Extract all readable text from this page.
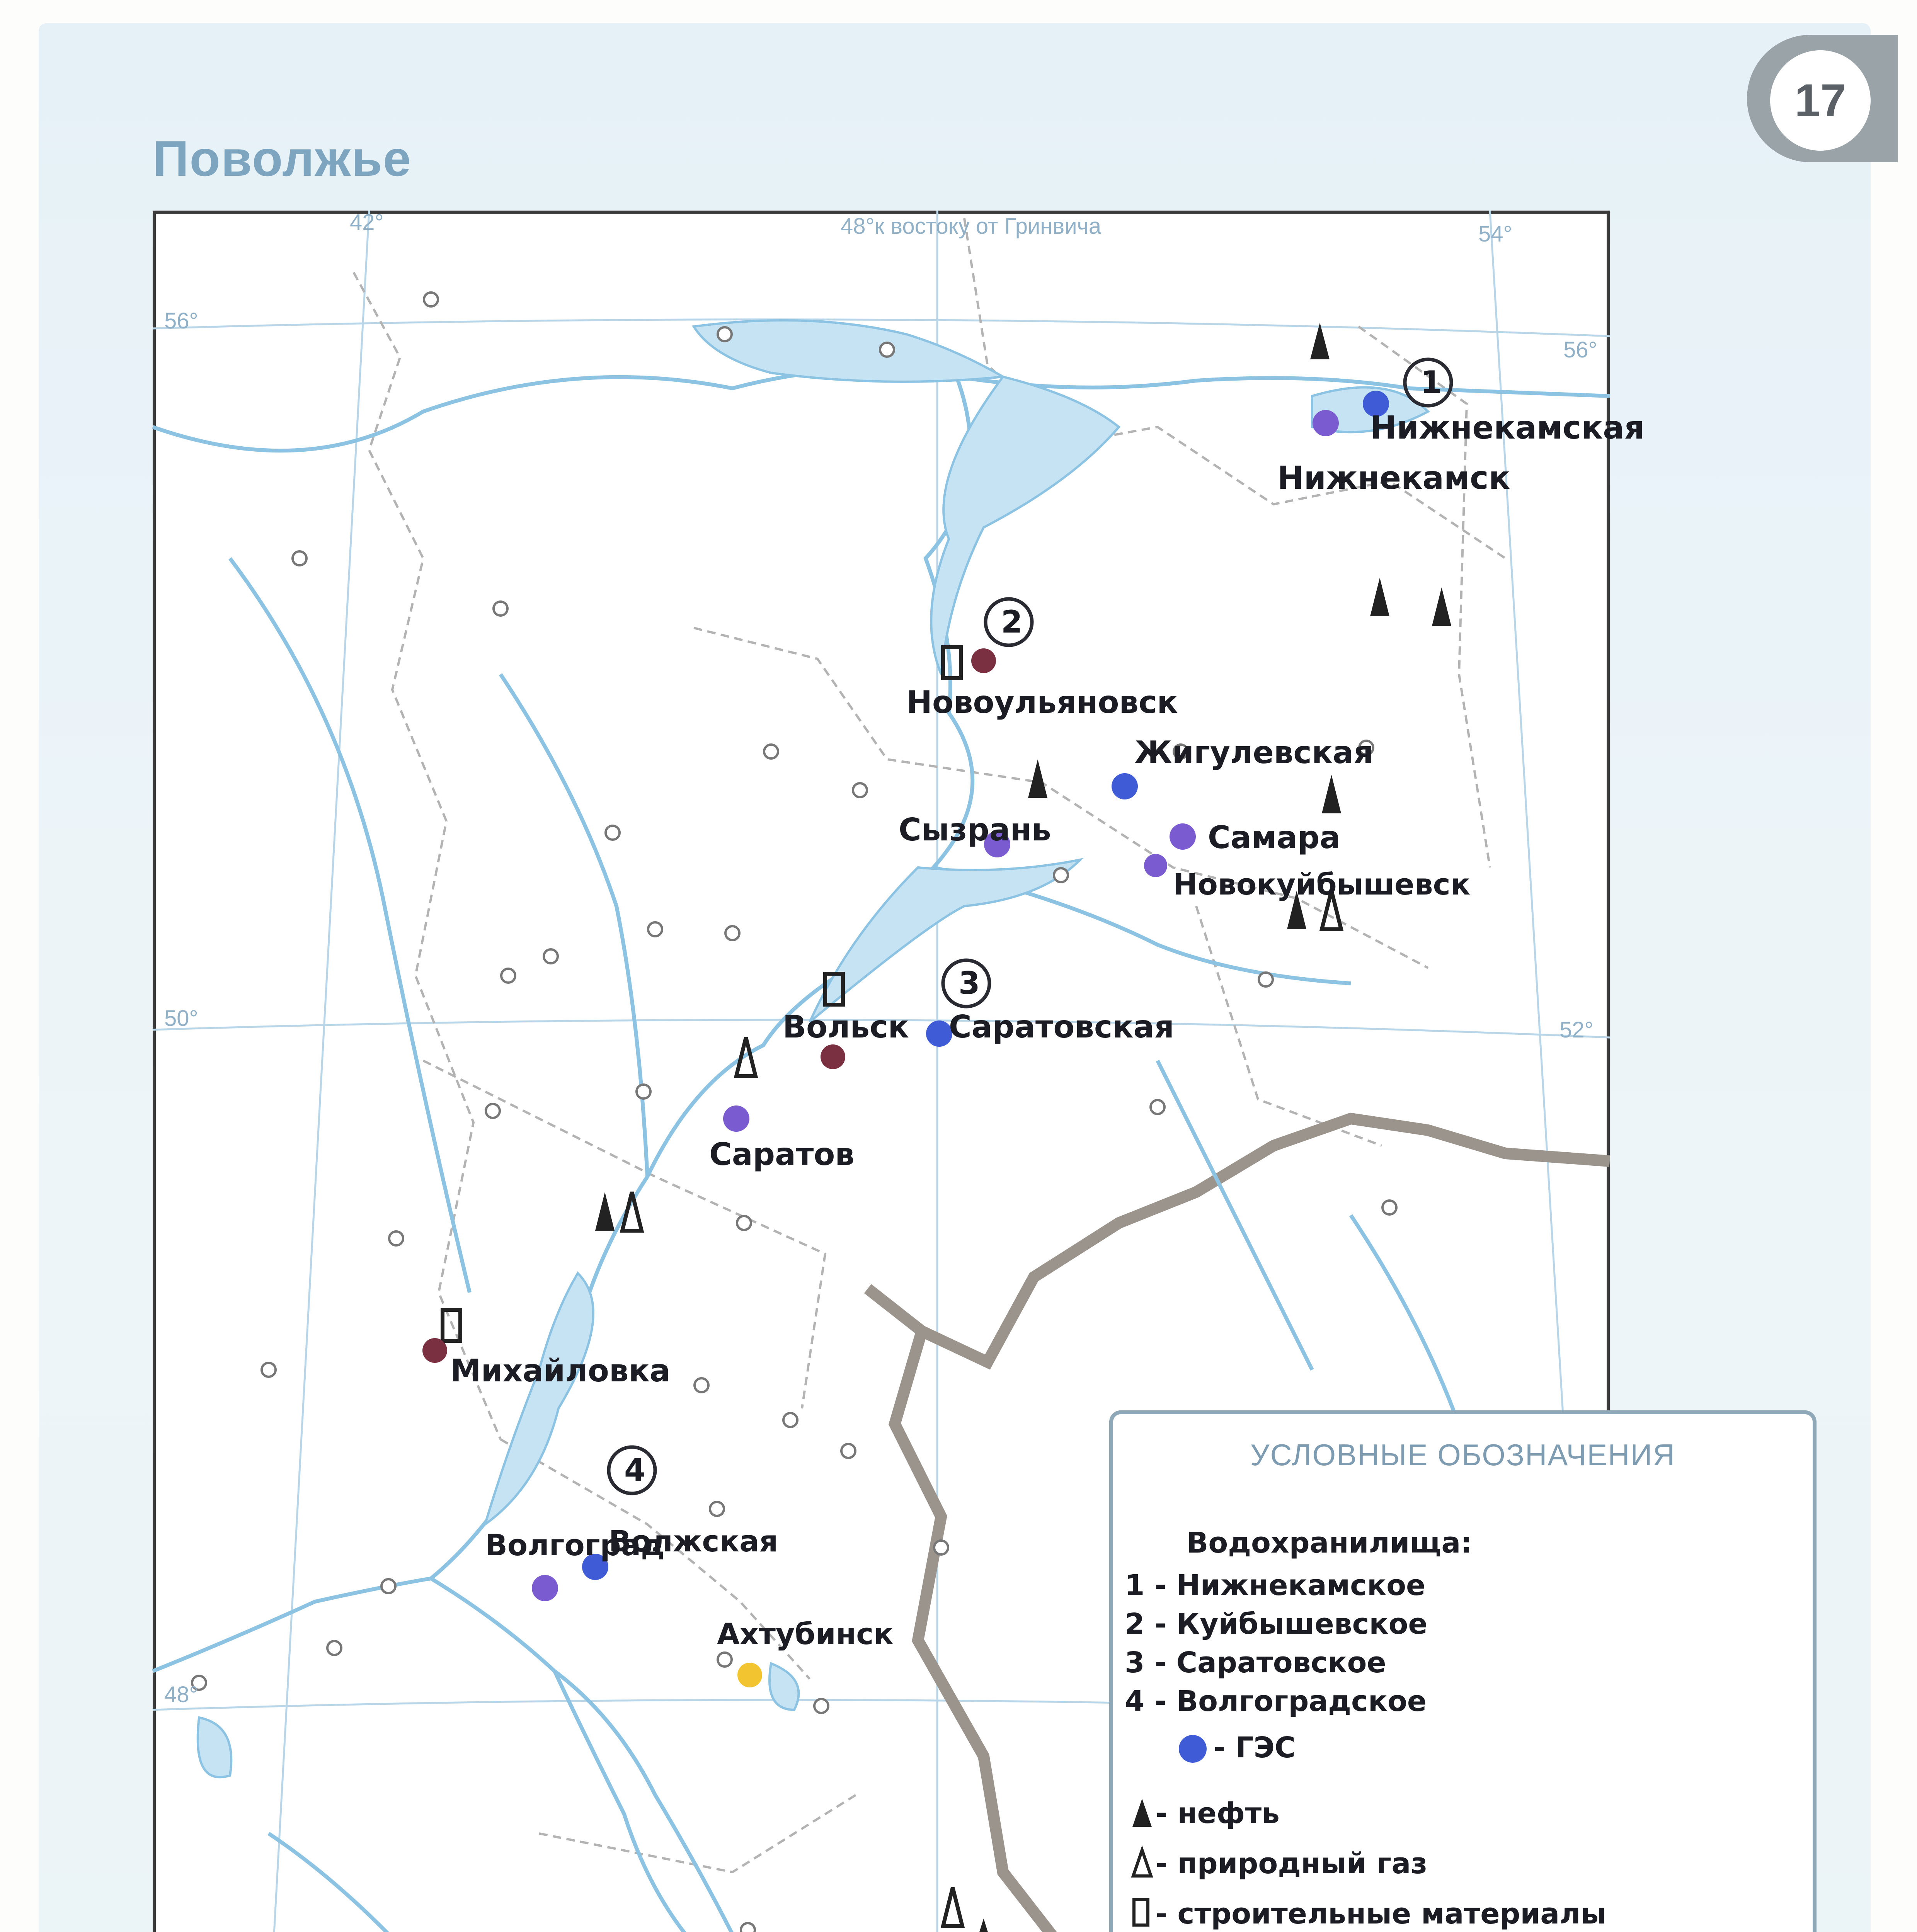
17
Поволжье
42°	48°к востоку от Гринвича	54°
56°
56°
50°	52°
48°
1
2
3
4
Нижнекамская
Нижнекамск
Новоульяновск
Жигулевская
Сызрань	Самара
Новокуйбышевск
Вольск Саратовская
Саратов
Михайловка
Волгоград
Волжская
Ахтубинск
УСЛОВНЫЕ ОБОЗНАЧЕНИЯ
Водохранилища:
1 - Нижнекамское
2 - Куйбышевское
3 - Саратовское
4 - Волгоградское
- ГЭС
- нефть
- природный газ
- строительные материалы
